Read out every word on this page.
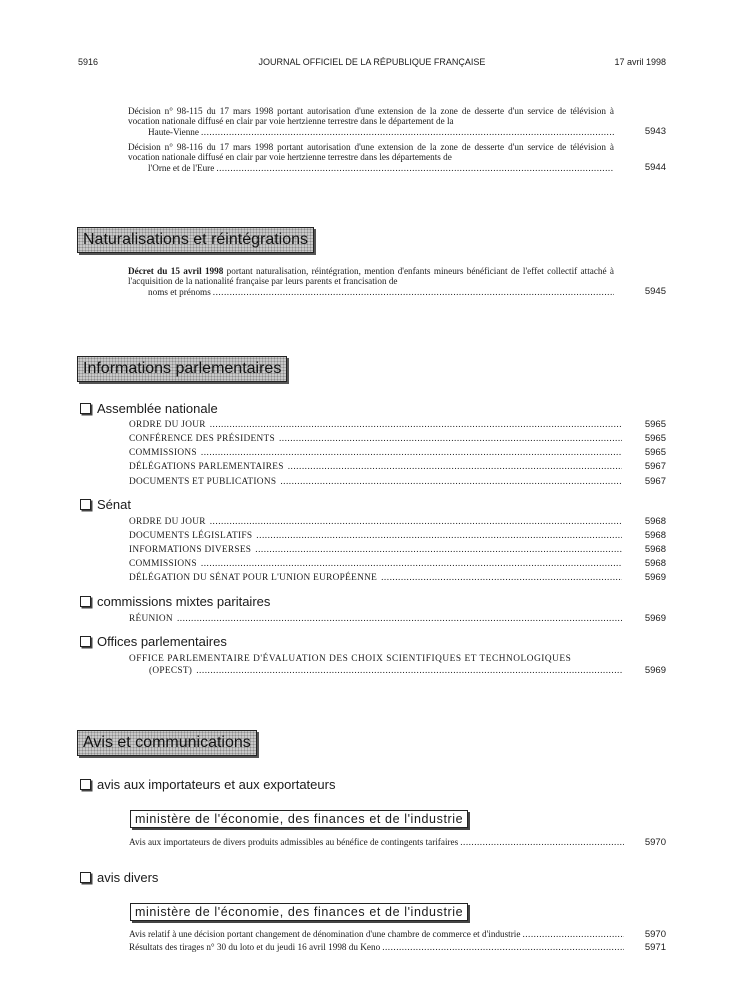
5916	JOURNAL OFFICIEL DE LA RÉPUBLIQUE FRANÇAISE	17 avril 1998
Décision n° 98-115 du 17 mars 1998 portant autorisation d'une extension de la zone de desserte d'un service de télévision à vocation nationale diffusé en clair par voie hertzienne terrestre dans le département de la
Haute-Vienne .....	5943
Décision n° 98-116 du 17 mars 1998 portant autorisation d'une extension de la zone de desserte d'un service de télévision à vocation nationale diffusé en clair par voie hertzienne terrestre dans les départements de
l'Orne et de l'Eure .....	5944
Naturalisations et réintégrations
Décret du 15 avril 1998 portant naturalisation, réintégration, mention d'enfants mineurs bénéficiant de l'effet collectif attaché à l'acquisition de la nationalité française par leurs parents et francisation de
noms et prénoms .....	5945
Informations parlementaires
Assemblée nationale
ORDRE DU JOUR .....	5965
CONFÉRENCE DES PRÉSIDENTS .....	5965
COMMISSIONS .....	5965
DÉLÉGATIONS PARLEMENTAIRES .....	5967
DOCUMENTS ET PUBLICATIONS .....	5967
Sénat
ORDRE DU JOUR .....	5968
DOCUMENTS LÉGISLATIFS .....	5968
INFORMATIONS DIVERSES .....	5968
COMMISSIONS .....	5968
DÉLÉGATION DU SÉNAT POUR L'UNION EUROPÉENNE .....	5969
commissions mixtes paritaires
RÉUNION .....	5969
Offices parlementaires
OFFICE PARLEMENTAIRE D'ÉVALUATION DES CHOIX SCIENTIFIQUES ET TECHNOLOGIQUES
(OPECST) .....	5969
Avis et communications
avis aux importateurs et aux exportateurs
ministère de l'économie, des finances et de l'industrie
Avis aux importateurs de divers produits admissibles au bénéfice de contingents tarifaires .....	5970
avis divers
ministère de l'économie, des finances et de l'industrie
Avis relatif à une décision portant changement de dénomination d'une chambre de commerce et d'industrie .....	5970
Résultats des tirages n° 30 du loto et du jeudi 16 avril 1998 du Keno .....	5971
